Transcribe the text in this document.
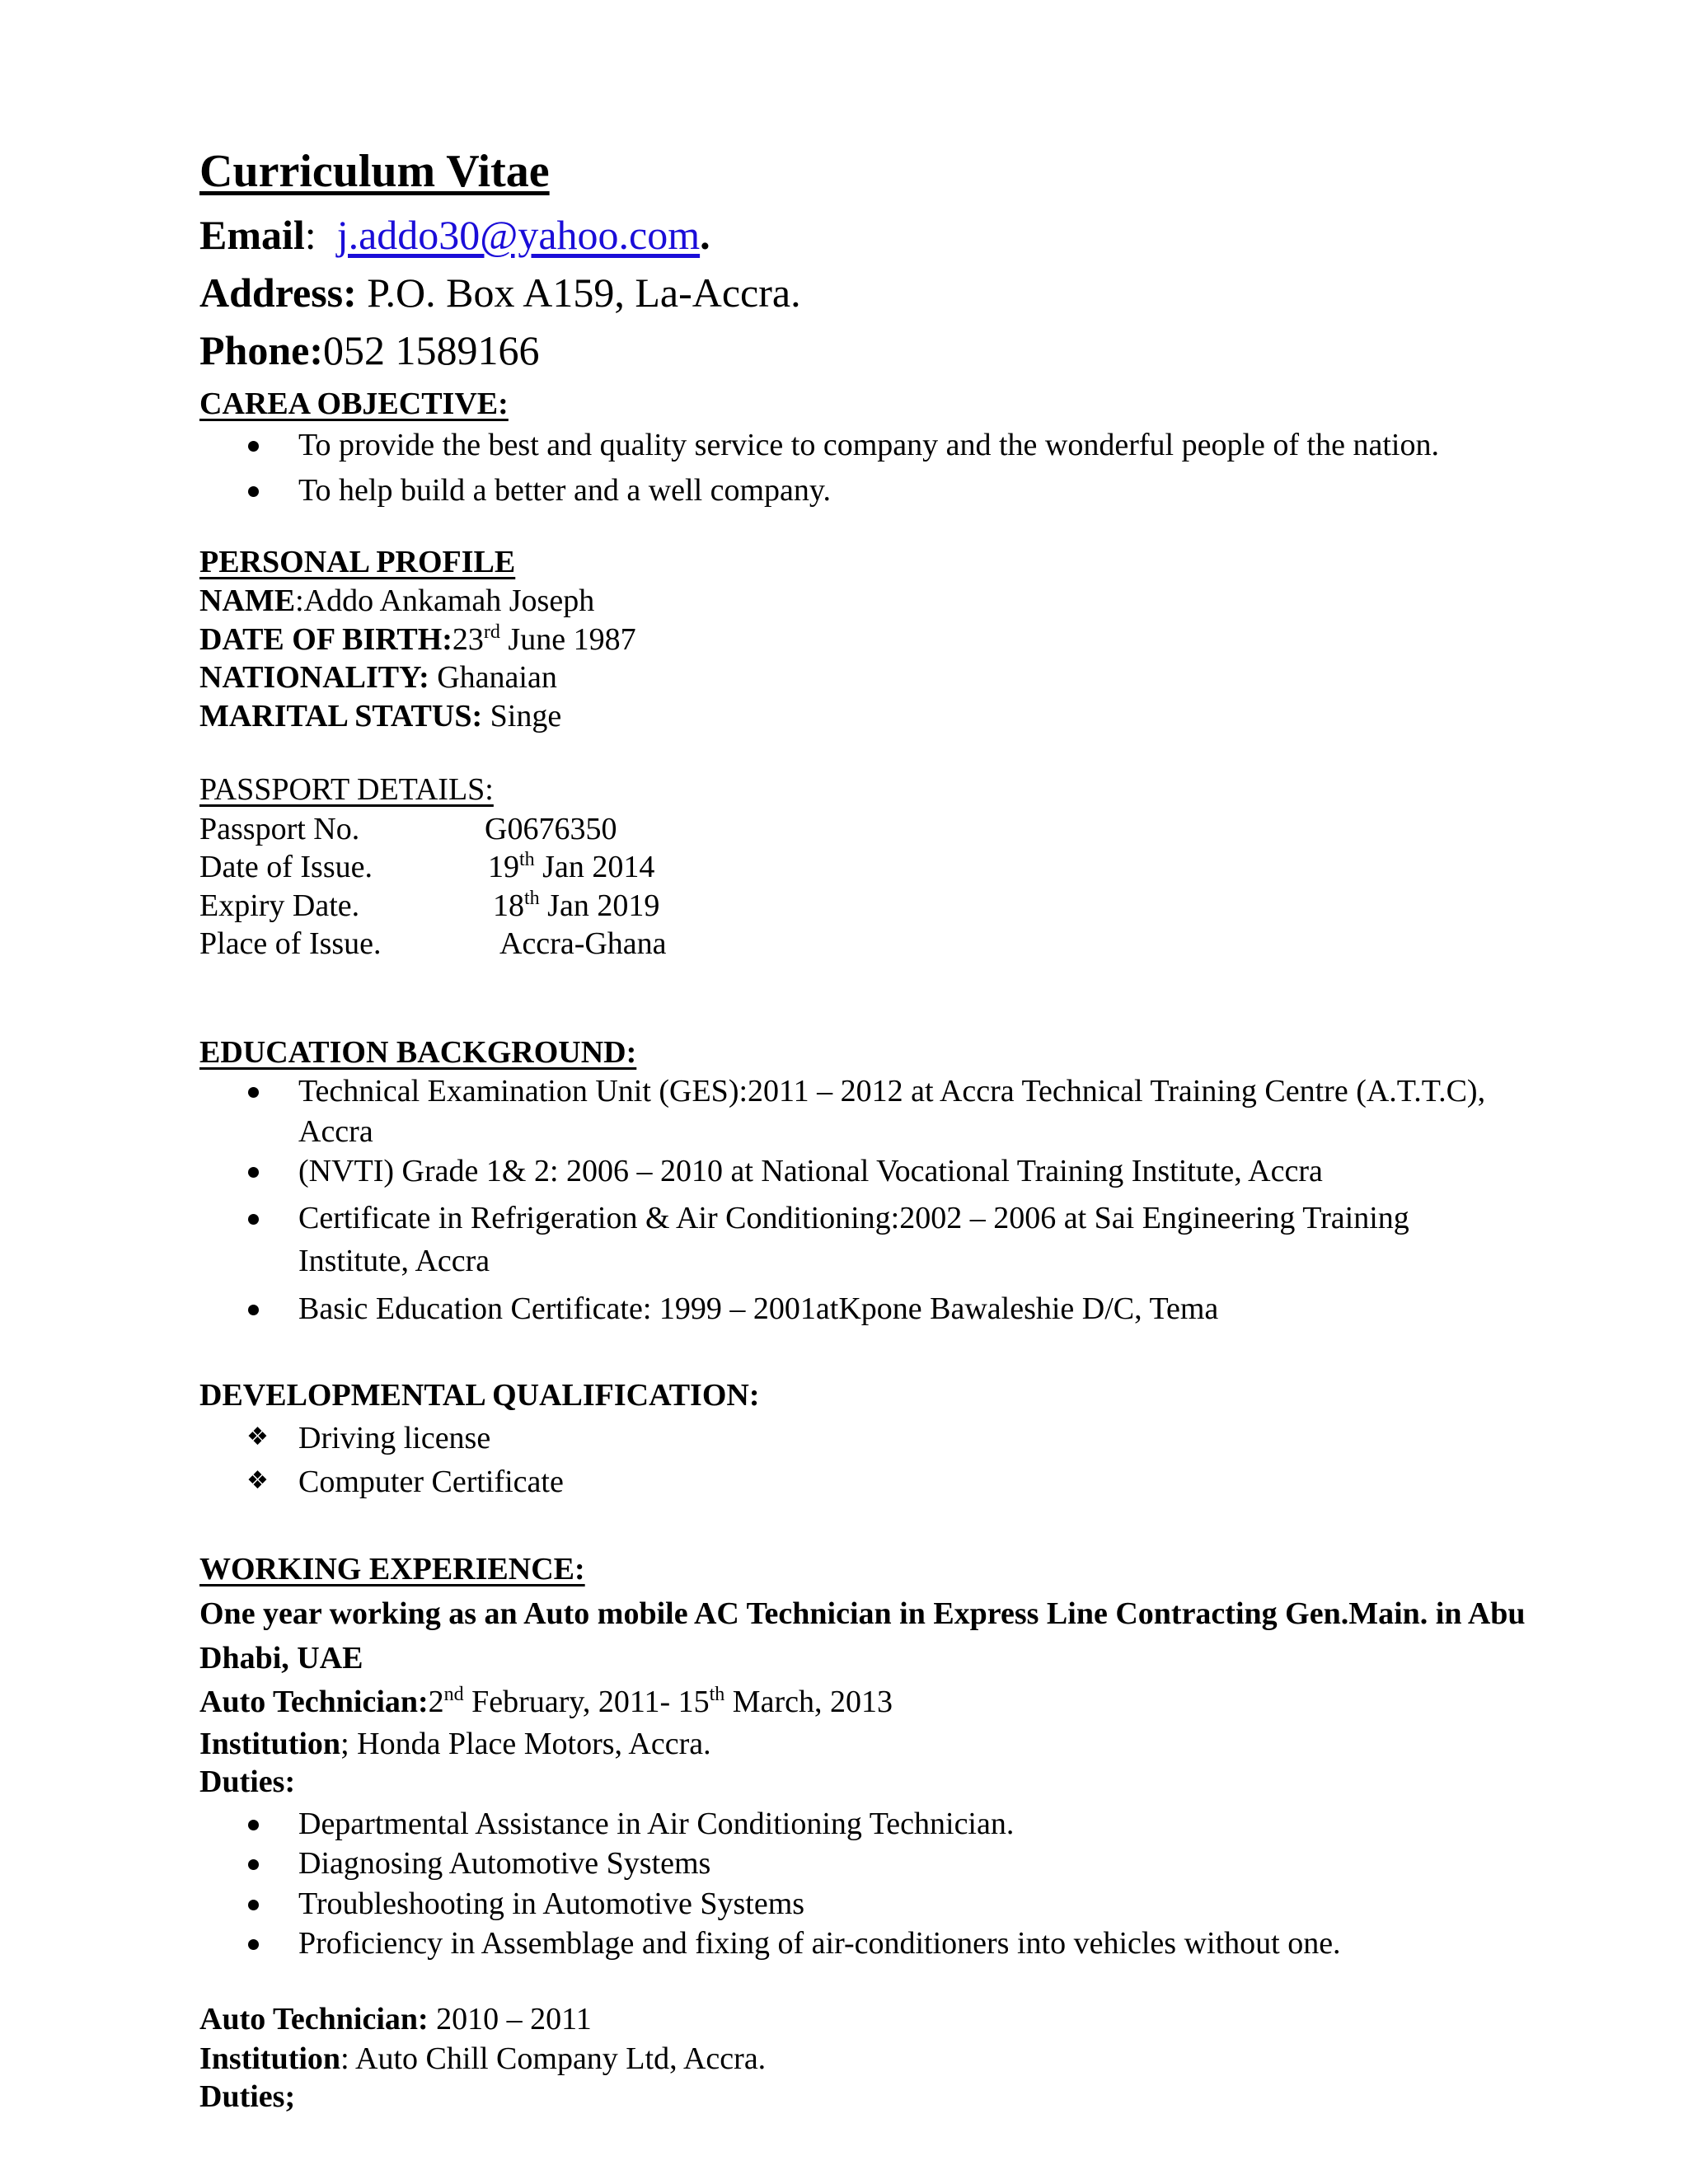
Curriculum Vitae
Email:  j.addo30@yahoo.com.
Address: P.O. Box A159, La-Accra.
Phone:052 1589166
CAREA OBJECTIVE:
To provide the best and quality service to company and the wonderful people of the nation.
To help build a better and a well company.
PERSONAL PROFILE
NAME:Addo Ankamah Joseph
DATE OF BIRTH:23rd June 1987
NATIONALITY: Ghanaian
MARITAL STATUS: Singe
PASSPORT DETAILS:
Passport No.	G0676350
Date of Issue.	19th Jan 2014
Expiry Date.	18th Jan 2019
Place of Issue.	Accra-Ghana
EDUCATION BACKGROUND:
Technical Examination Unit (GES):2011 – 2012 at Accra Technical Training Centre (A.T.T.C),
Accra
(NVTI) Grade 1& 2: 2006 – 2010 at National Vocational Training Institute, Accra
Certificate in Refrigeration & Air Conditioning:2002 – 2006 at Sai Engineering Training
Institute, Accra
Basic Education Certificate: 1999 – 2001atKpone Bawaleshie D/C, Tema
DEVELOPMENTAL QUALIFICATION:
❖ Driving license
❖ Computer Certificate
WORKING EXPERIENCE:
One year working as an Auto mobile AC Technician in Express Line Contracting Gen.Main. in Abu
Dhabi, UAE
Auto Technician:2nd February, 2011- 15th March, 2013
Institution; Honda Place Motors, Accra.
Duties:
Departmental Assistance in Air Conditioning Technician.
Diagnosing Automotive Systems
Troubleshooting in Automotive Systems
Proficiency in Assemblage and fixing of air-conditioners into vehicles without one.
Auto Technician: 2010 – 2011
Institution: Auto Chill Company Ltd, Accra.
Duties;
